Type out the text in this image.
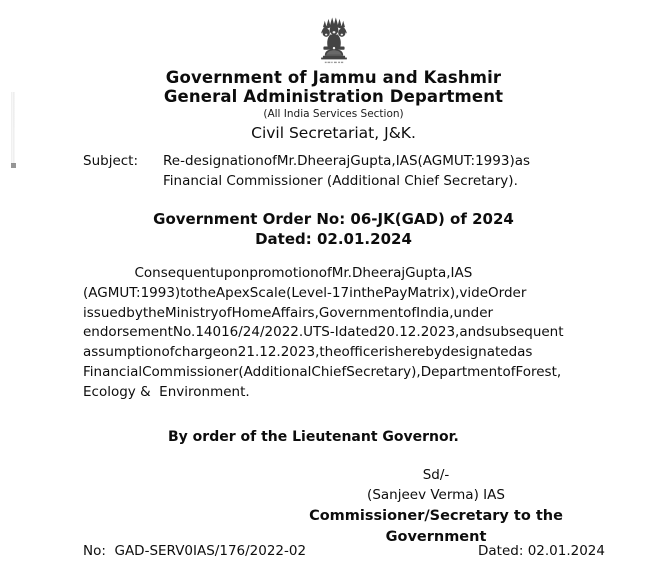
Government of Jammu and Kashmir
General Administration Department
(All India Services Section)
Civil Secretariat, J&K.
Subject:	Re-designationofMr.DheerajGupta,IAS(AGMUT:1993)as
Financial Commissioner (Additional Chief Secretary).
Government Order No: 06-JK(GAD) of 2024
Dated: 02.01.2024
ConsequentuponpromotionofMr.DheerajGupta,IAS
(AGMUT:1993)totheApexScale(Level-17inthePayMatrix),videOrder
issuedbytheMinistryofHomeAffairs,GovernmentofIndia,under
endorsementNo.14016/24/2022.UTS-Idated20.12.2023,andsubsequent
assumptionofchargeon21.12.2023,theofficerisherebydesignatedas
FinancialCommissioner(AdditionalChiefSecretary),DepartmentofForest,
Ecology &  Environment.
By order of the Lieutenant Governor.
Sd/-
(Sanjeev Verma) IAS
Commissioner/Secretary to the Government
No:  GAD-SERV0IAS/176/2022-02	Dated: 02.01.2024
